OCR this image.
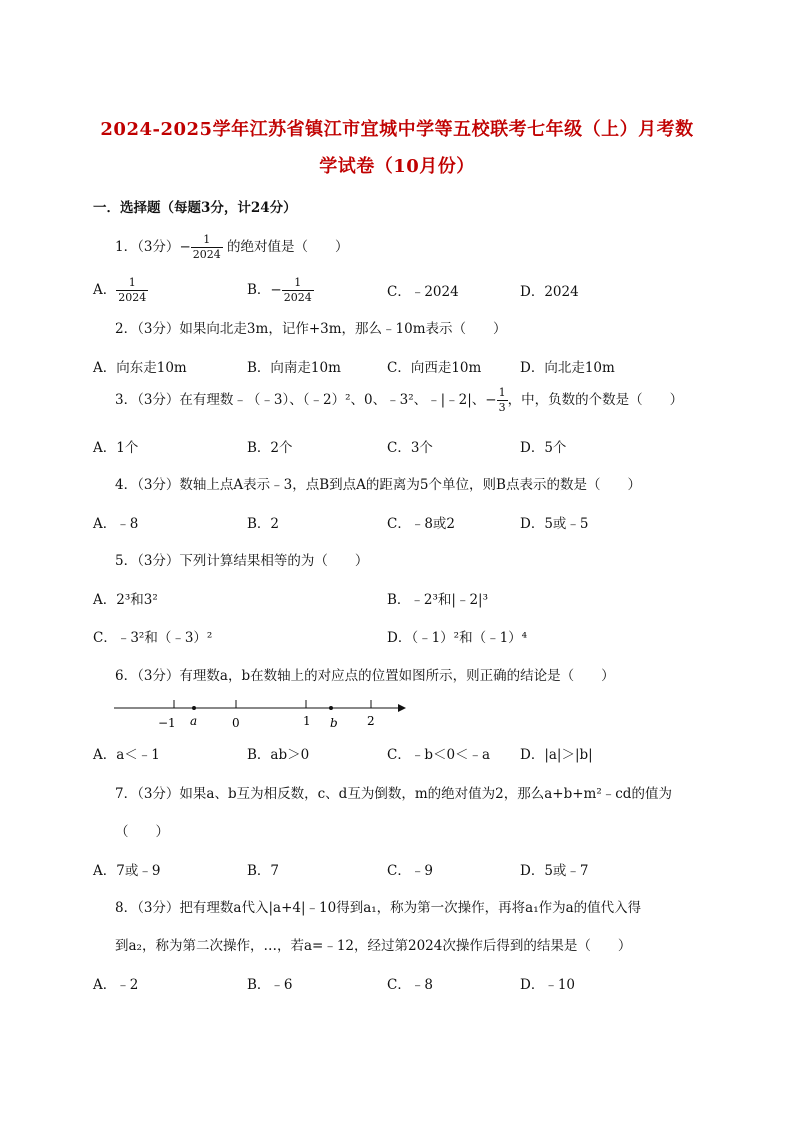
2024-2025学年江苏省镇江市宜城中学等五校联考七年级（上）月考数
学试卷（10月份）
一．选择题（每题3分，计24分）
1．（3分）− $\frac{1}{2024}$ 的绝对值是（　　）
A． $\frac{1}{2024}$	B．− $\frac{1}{2024}$	C．﹣2024	D．2024
2．（3分）如果向北走3m，记作+3m，那么﹣10m表示（　　）
A．向东走10m	B．向南走10m	C．向西走10m	D．向北走10m
3．（3分）在有理数﹣（﹣3）、（﹣2）²、0、﹣3²、﹣|﹣2|、− $\frac{1}{3}$ ，中，负数的个数是（　　）
A．1个	B．2个	C．3个	D．5个
4．（3分）数轴上点A表示﹣3，点B到点A的距离为5个单位，则B点表示的数是（　　）
A．﹣8	B．2	C．﹣8或2	D．5或﹣5
5．（3分）下列计算结果相等的为（　　）
A．2³和3²	B．﹣2³和|﹣2|³
C．﹣3²和（﹣3）²	D．（﹣1）²和（﹣1）⁴
6．（3分）有理数a，b在数轴上的对应点的位置如图所示，则正确的结论是（　　）
−1 a	0	1 b 2
A．a＜﹣1	B．ab＞0	C．﹣b＜0＜﹣a D．|a|＞|b|
7．（3分）如果a、b互为相反数，c、d互为倒数，m的绝对值为2，那么a+b+m²﹣cd的值为
（　　）
A．7或﹣9	B．7	C．﹣9	D．5或﹣7
8．（3分）把有理数a代入|a+4|﹣10得到a₁，称为第一次操作，再将a₁作为a的值代入得
到a₂，称为第二次操作，…，若a=﹣12，经过第2024次操作后得到的结果是（　　）
A．﹣2	B．﹣6	C．﹣8	D．﹣10
